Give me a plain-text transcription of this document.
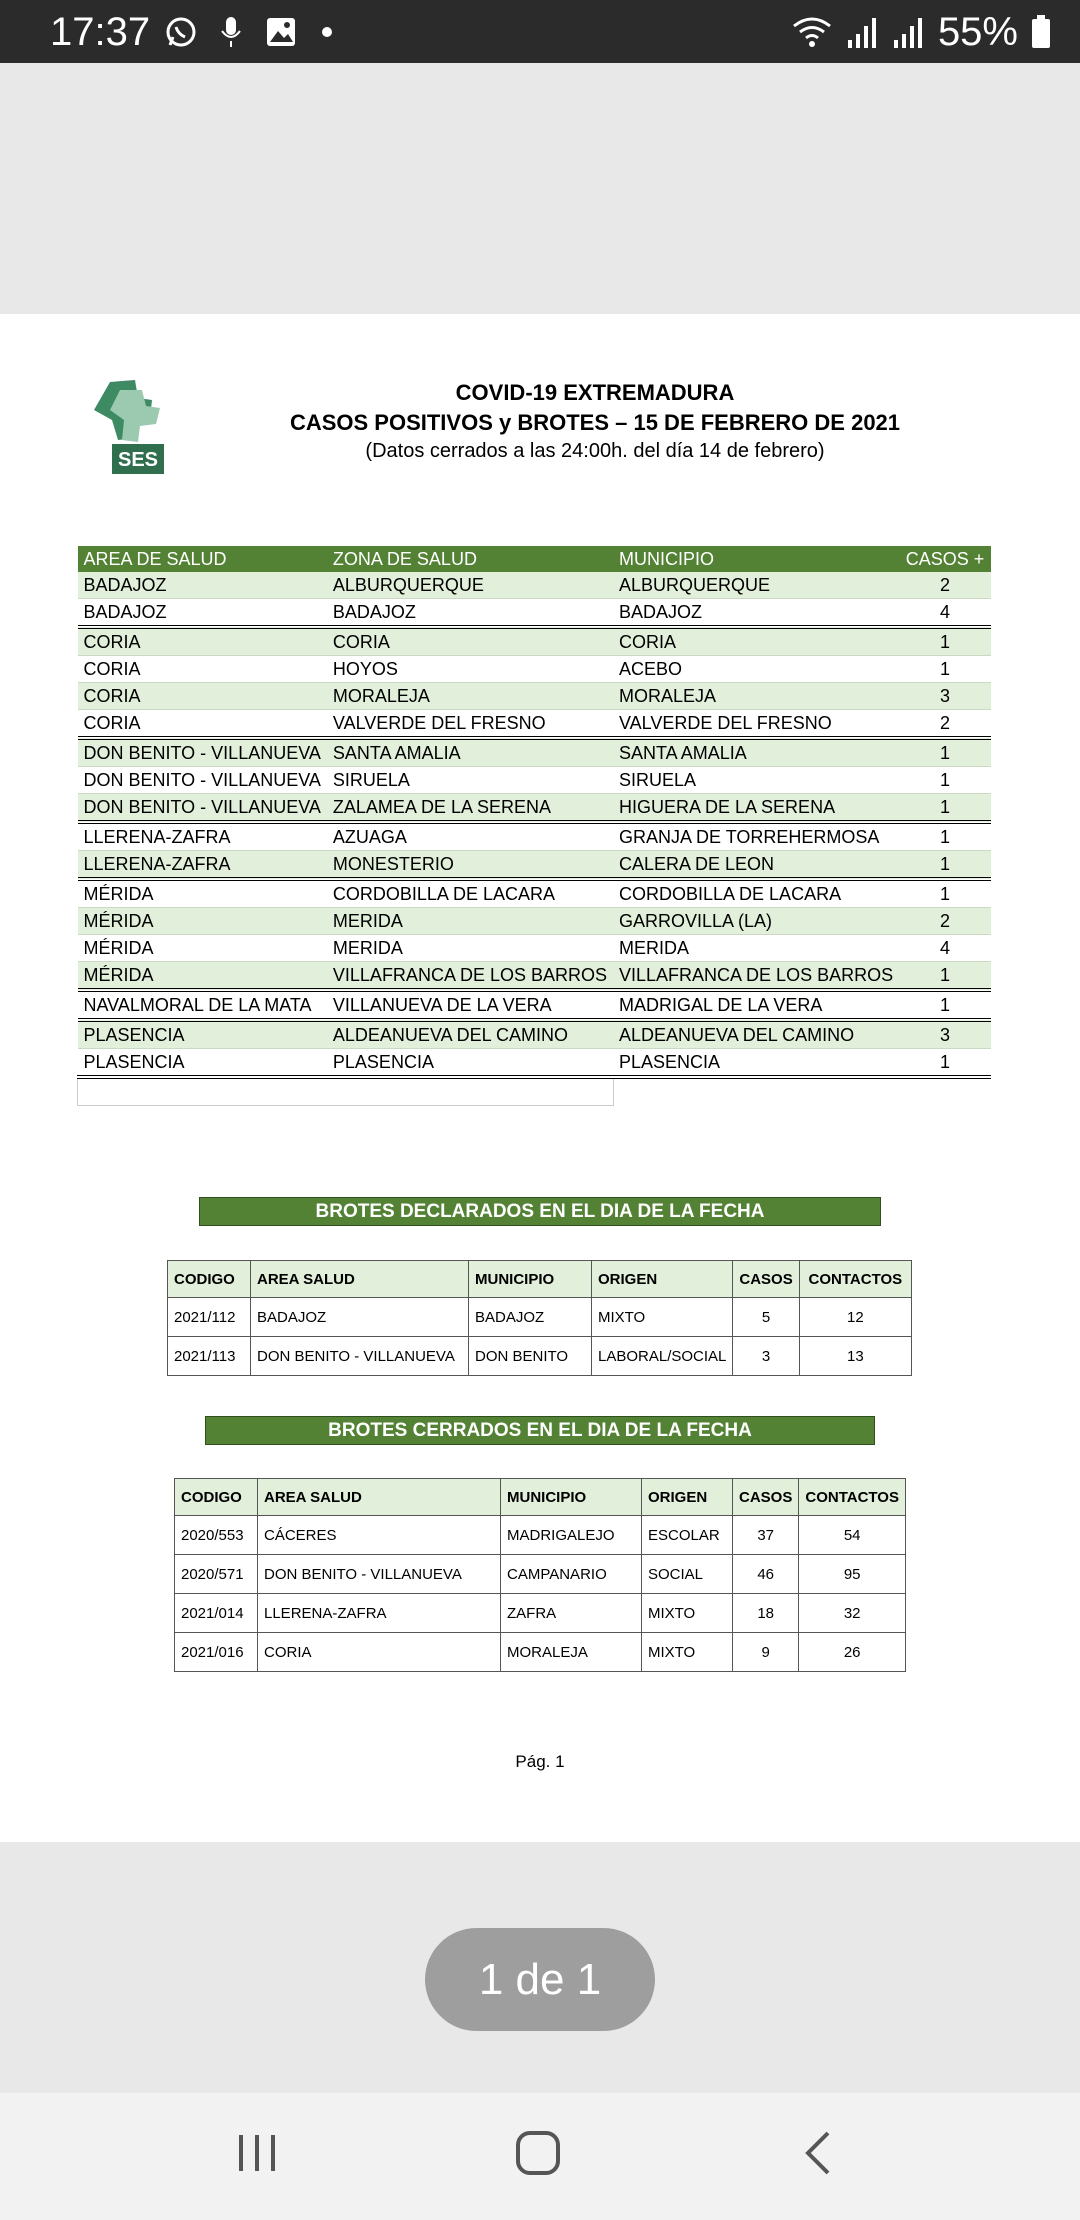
17:37	55%
SES
COVID-19 EXTREMADURA
CASOS POSITIVOS y BROTES – 15 DE FEBRERO DE 2021
(Datos cerrados a las 24:00h. del día 14 de febrero)
AREA DE SALUD	ZONA DE SALUD	MUNICIPIO	CASOS +
BADAJOZ	ALBURQUERQUE	ALBURQUERQUE	2
BADAJOZ	BADAJOZ	BADAJOZ	4
CORIA	CORIA	CORIA	1
CORIA	HOYOS	ACEBO	1
CORIA	MORALEJA	MORALEJA	3
CORIA	VALVERDE DEL FRESNO	VALVERDE DEL FRESNO	2
DON BENITO - VILLANUEVA	SANTA AMALIA	SANTA AMALIA	1
DON BENITO - VILLANUEVA	SIRUELA	SIRUELA	1
DON BENITO - VILLANUEVA	ZALAMEA DE LA SERENA	HIGUERA DE LA SERENA	1
LLERENA-ZAFRA	AZUAGA	GRANJA DE TORREHERMOSA	1
LLERENA-ZAFRA	MONESTERIO	CALERA DE LEON	1
MÉRIDA	CORDOBILLA DE LACARA	CORDOBILLA DE LACARA	1
MÉRIDA	MERIDA	GARROVILLA (LA)	2
MÉRIDA	MERIDA	MERIDA	4
MÉRIDA	VILLAFRANCA DE LOS BARROS	VILLAFRANCA DE LOS BARROS	1
NAVALMORAL DE LA MATA	VILLANUEVA DE LA VERA	MADRIGAL DE LA VERA	1
PLASENCIA	ALDEANUEVA DEL CAMINO	ALDEANUEVA DEL CAMINO	3
PLASENCIA	PLASENCIA	PLASENCIA	1
		TOTAL EXTREMADURA	31
BROTES DECLARADOS EN EL DIA DE LA FECHA
CODIGO	AREA SALUD	MUNICIPIO	ORIGEN	CASOS	CONTACTOS
2021/112	BADAJOZ	BADAJOZ	MIXTO	5	12
2021/113	DON BENITO - VILLANUEVA	DON BENITO	LABORAL/SOCIAL	3	13
BROTES CERRADOS EN EL DIA DE LA FECHA
CODIGO	AREA SALUD	MUNICIPIO	ORIGEN	CASOS	CONTACTOS
2020/553	CÁCERES	MADRIGALEJO	ESCOLAR	37	54
2020/571	DON BENITO - VILLANUEVA	CAMPANARIO	SOCIAL	46	95
2021/014	LLERENA-ZAFRA	ZAFRA	MIXTO	18	32
2021/016	CORIA	MORALEJA	MIXTO	9	26
Pág. 1
1 de 1
